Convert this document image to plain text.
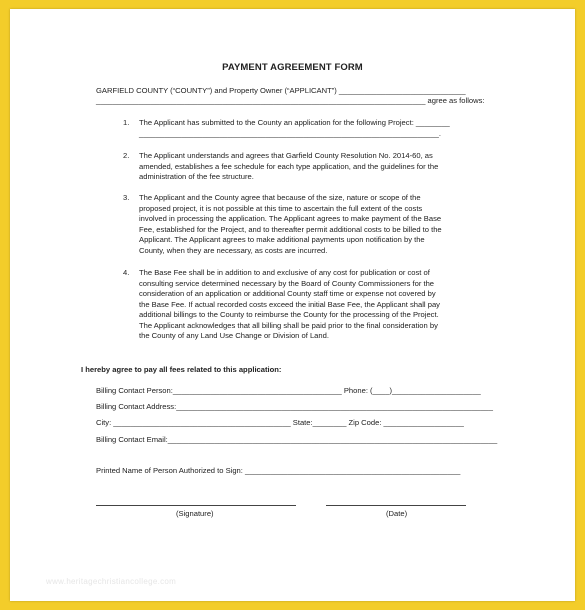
PAYMENT AGREEMENT FORM
GARFIELD COUNTY (“COUNTY”) and Property Owner (“APPLICANT”) ______________________________
______________________________________________________________________________ agree as follows:
1. The Applicant has submitted to the County an application for the following Project: ________
_______________________________________________________________________.
2. The Applicant understands and agrees that Garfield County Resolution No. 2014-60, as
amended, establishes a fee schedule for each type application, and the guidelines for the
administration of the fee structure.
3. The Applicant and the County agree that because of the size, nature or scope of the
proposed project, it is not possible at this time to ascertain the full extent of the costs
involved in processing the application. The Applicant agrees to make payment of the Base
Fee, established for the Project, and to thereafter permit additional costs to be billed to the
Applicant. The Applicant agrees to make additional payments upon notification by the
County, when they are necessary, as costs are incurred.
4. The Base Fee shall be in addition to and exclusive of any cost for publication or cost of
consulting service determined necessary by the Board of County Commissioners for the
consideration of an application or additional County staff time or expense not covered by
the Base Fee. If actual recorded costs exceed the initial Base Fee, the Applicant shall pay
additional billings to the County to reimburse the County for the processing of the Project.
The Applicant acknowledges that all billing shall be paid prior to the final consideration by
the County of any Land Use Change or Division of Land.
I hereby agree to pay all fees related to this application:
Billing Contact Person:________________________________________ Phone: (____)_____________________
Billing Contact Address:___________________________________________________________________________
City: __________________________________________ State:________ Zip Code: ___________________
Billing Contact Email:______________________________________________________________________________
Printed Name of Person Authorized to Sign: ___________________________________________________
(Signature)	(Date)
www.heritagechristiancollege.com
